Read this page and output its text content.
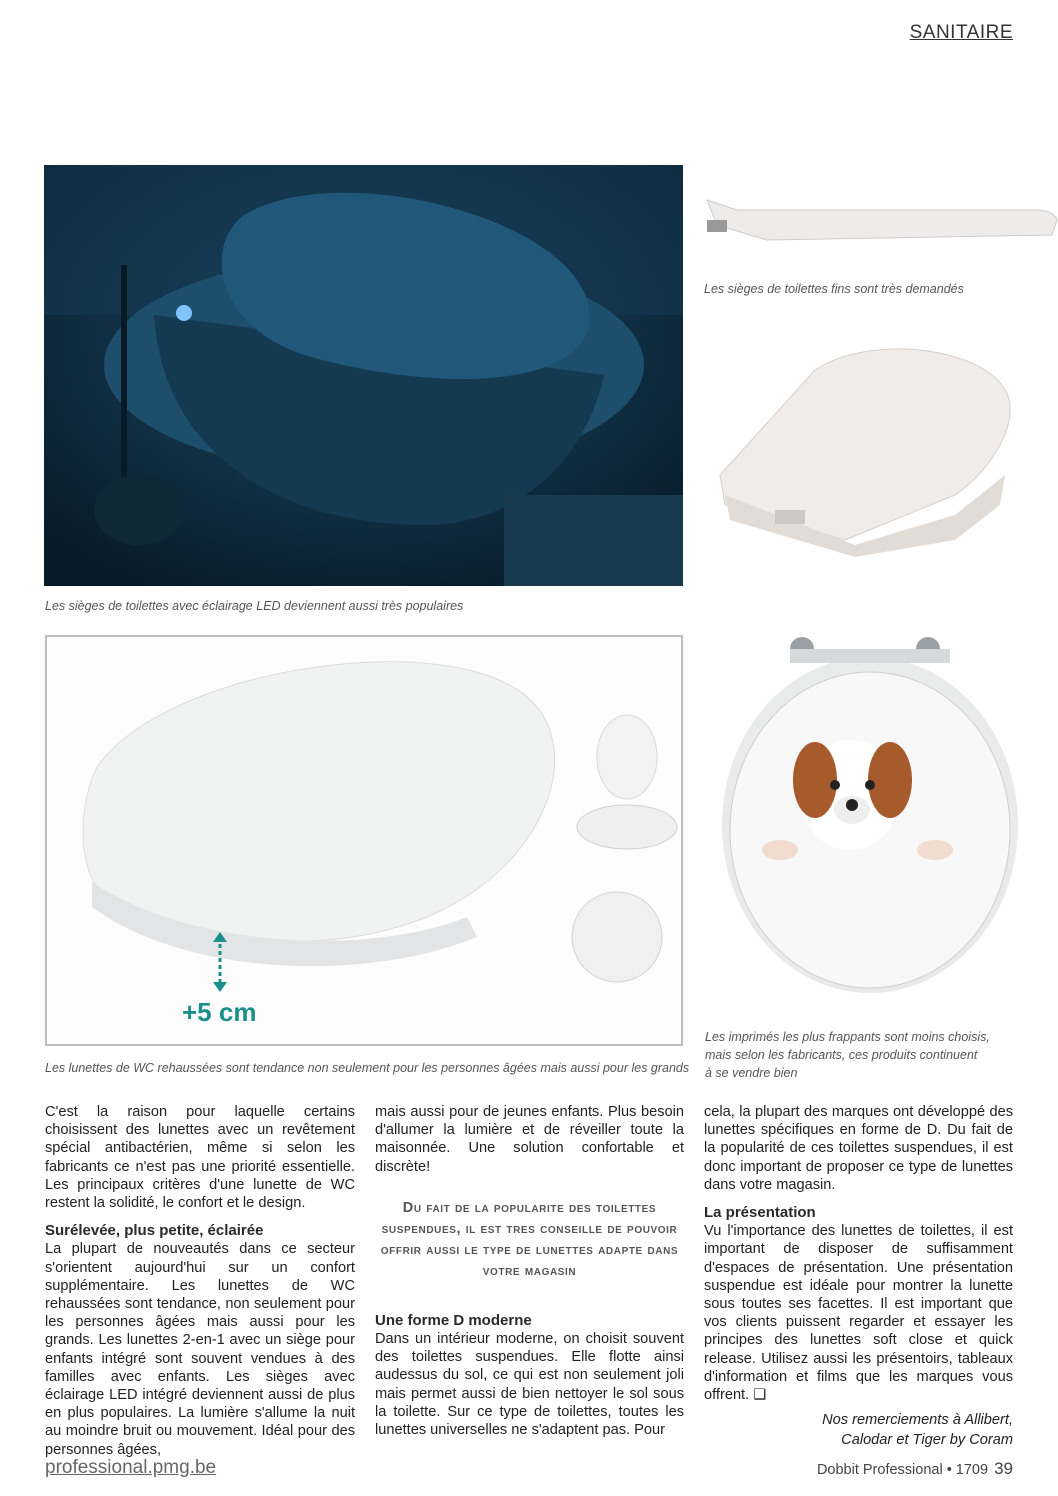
SANITAIRE
Les sièges de toilettes avec éclairage LED deviennent aussi très populaires
Les sièges de toilettes fins sont très demandés
+5 cm
Les lunettes de WC rehaussées sont tendance non seulement pour les personnes âgées mais aussi pour les grands
Les imprimés les plus frappants sont moins choisis,
mais selon les fabricants, ces produits continuent
à se vendre bien

C'est la raison pour laquelle certains choisissent des lunettes avec un revêtement spécial antibactérien, même si selon les fabricants ce n'est pas une priorité essentielle. Les principaux critères d'une lunette de WC restent la solidité, le confort et le design.

Surélevée, plus petite, éclairée

La plupart de nouveautés dans ce secteur s'orientent aujourd'hui sur un confort supplémentaire. Les lunettes de WC rehaussées sont tendance, non seulement pour les personnes âgées mais aussi pour les grands. Les lunettes 2-en-1 avec un siège pour enfants intégré sont souvent vendues à des familles avec enfants. Les sièges avec éclairage LED intégré deviennent aussi de plus en plus populaires. La lumière s'allume la nuit au moindre bruit ou mouvement. Idéal pour des personnes âgées,

mais aussi pour de jeunes enfants. Plus besoin d'allumer la lumière et de réveiller toute la maisonnée. Une solution confortable et discrète!

Du fait de la popularite des toilettes suspendues, il est tres conseille de pouvoir offrir aussi le type de lunettes adapte dans votre magasin
Une forme D moderne

Dans un intérieur moderne, on choisit souvent des toilettes suspendues. Elle flotte ainsi audessus du sol, ce qui est non seulement joli mais permet aussi de bien nettoyer le sol sous la toilette. Sur ce type de toilettes, toutes les lunettes universelles ne s'adaptent pas. Pour

cela, la plupart des marques ont développé des lunettes spécifiques en forme de D. Du fait de la popularité de ces toilettes suspendues, il est donc important de proposer ce type de lunettes dans votre magasin.

La présentation

Vu l'importance des lunettes de toilettes, il est important de disposer de suffisamment d'espaces de présentation. Une présentation suspendue est idéale pour montrer la lunette sous toutes ses facettes. Il est important que vos clients puissent regarder et essayer les principes des lunettes soft close et quick release. Utilisez aussi les présentoirs, tableaux d'information et films que les marques vous offrent. ❑

Nos remerciements à Allibert,
Calodar et Tiger by Coram
professional.pmg.be	Dobbit Professional • 1709 39
